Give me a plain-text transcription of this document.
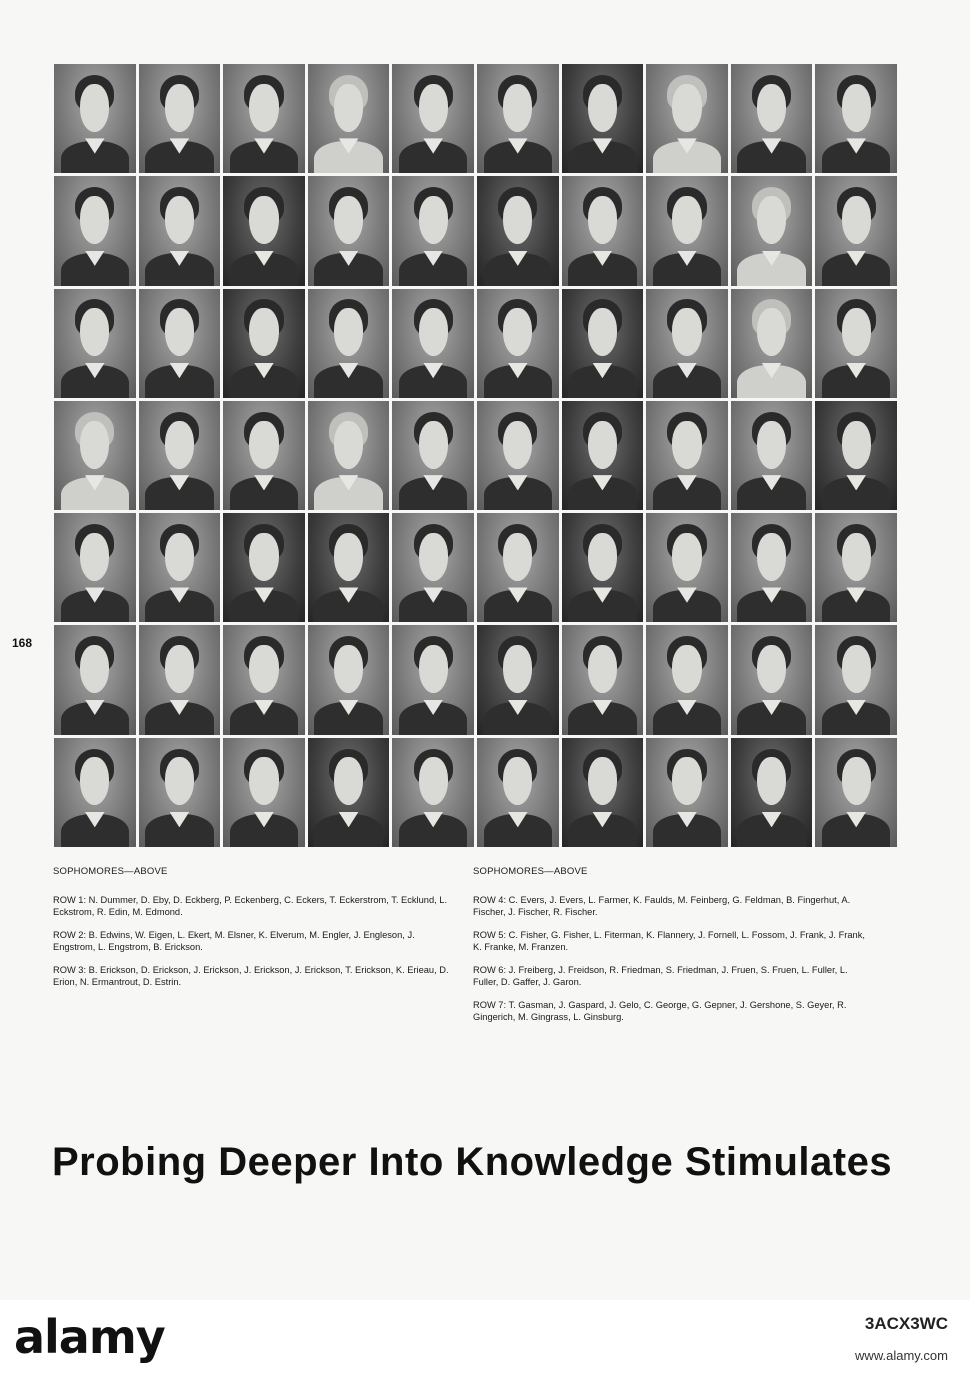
168

SOPHOMORES—ABOVE

ROW 1: N. Dummer, D. Eby, D. Eckberg, P. Eckenberg, C. Eckers, T. Eckerstrom, T. Ecklund, L. Eckstrom, R. Edin, M. Edmond.

ROW 2: B. Edwins, W. Eigen, L. Ekert, M. Elsner, K. Elverum, M. Engler, J. Engleson, J. Engstrom, L. Engstrom, B. Erickson.

ROW 3: B. Erickson, D. Erickson, J. Erickson, J. Erickson, J. Erickson, T. Erickson, K. Erieau, D. Erion, N. Ermantrout, D. Estrin.

SOPHOMORES—ABOVE

ROW 4: C. Evers, J. Evers, L. Farmer, K. Faulds, M. Feinberg, G. Feldman, B. Fingerhut, A. Fischer, J. Fischer, R. Fischer.

ROW 5: C. Fisher, G. Fisher, L. Fiterman, K. Flannery, J. Fornell, L. Fossom, J. Frank, J. Frank, K. Franke, M. Franzen.

ROW 6: J. Freiberg, J. Freidson, R. Friedman, S. Friedman, J. Fruen, S. Fruen, L. Fuller, L. Fuller, D. Gaffer, J. Garon.

ROW 7: T. Gasman, J. Gaspard, J. Gelo, C. George, G. Gepner, J. Gershone, S. Geyer, R. Gingerich, M. Gingrass, L. Ginsburg.

Probing Deeper Into Knowledge Stimulates
alamy	3ACX3WC
www.alamy.com
